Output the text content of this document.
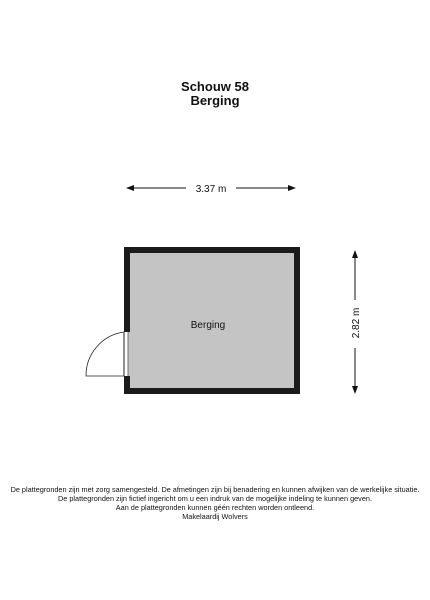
Schouw 58
Berging
3.37 m
2.82 m
Berging
De plattegronden zijn met zorg samengesteld. De afmetingen zijn bij benadering en kunnen afwijken van de werkelijke situatie.
De plattegronden zijn fictief ingericht om u een indruk van de mogelijke indeling te kunnen geven.
Aan de plattegronden kunnen géén rechten worden ontleend.
Makelaardij Wolvers
